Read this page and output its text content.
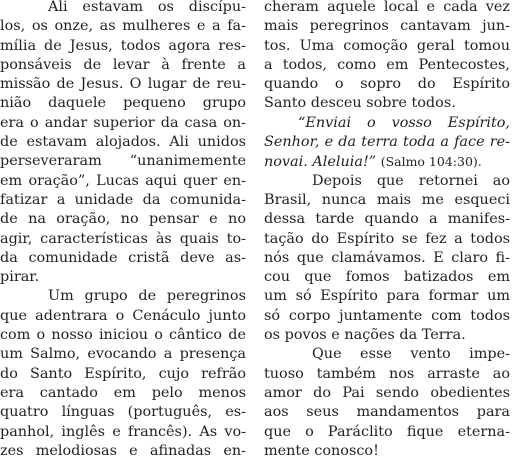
Ali estavam os discípu-
los, os onze, as mulheres e a fa-
mília de Jesus, todos agora res-
ponsáveis de levar à frente a
missão de Jesus. O lugar de reu-
nião daquele pequeno grupo
era o andar superior da casa on-
de estavam alojados. Ali unidos
perseveraram “unanimemente
em oração”, Lucas aqui quer en-
fatizar a unidade da comunida-
de na oração, no pensar e no
agir, características às quais to-
da comunidade cristã deve as-
pirar.
Um grupo de peregrinos
que adentrara o Cenáculo junto
com o nosso iniciou o cântico de
um Salmo, evocando a presença
do Santo Espírito, cujo refrão
era cantado em pelo menos
quatro línguas (português, es-
panhol, inglês e francês). As vo-
zes melodiosas e afinadas en-
cheram aquele local e cada vez
mais peregrinos cantavam jun-
tos. Uma comoção geral tomou
a todos, como em Pentecostes,
quando o sopro do Espírito
Santo desceu sobre todos.
“Enviai o vosso Espírito,
Senhor, e da terra toda a face re-
novai. Aleluia!” (Salmo 104:30).
Depois que retornei ao
Brasil, nunca mais me esqueci
dessa tarde quando a manifes-
tação do Espírito se fez a todos
nós que clamávamos. E claro fi-
cou que fomos batizados em
um só Espírito para formar um
só corpo juntamente com todos
os povos e nações da Terra.
Que esse vento impe-
tuoso também nos arraste ao
amor do Pai sendo obedientes
aos seus mandamentos para
que o Paráclito fique eterna-
mente conosco!
